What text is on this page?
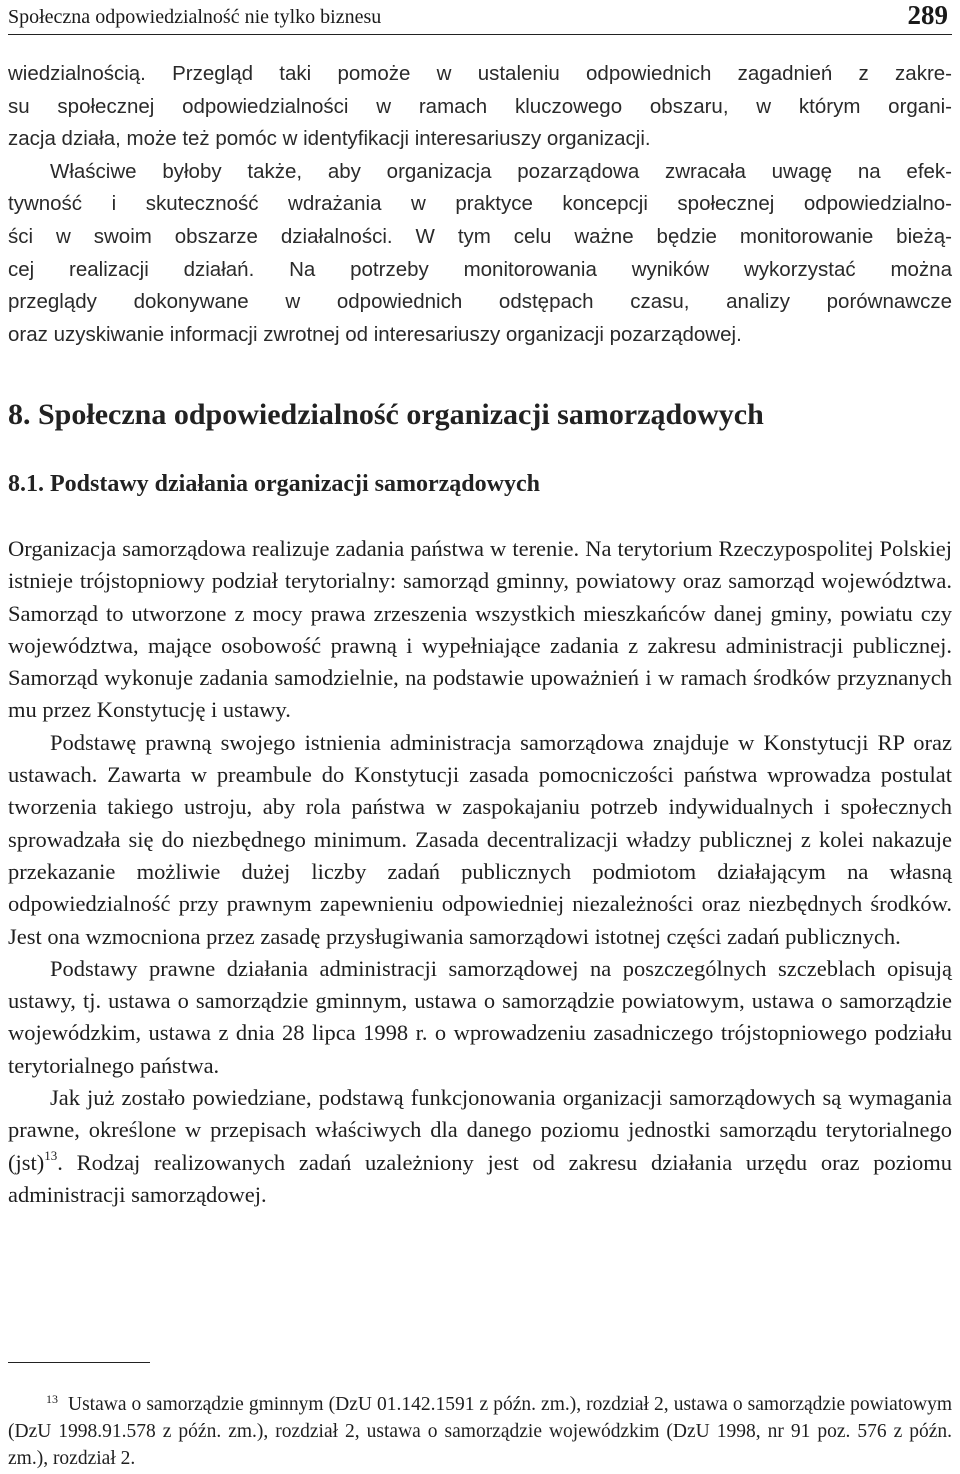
Społeczna odpowiedzialność nie tylko biznesu	289
wiedzialnością. Przegląd taki pomoże w ustaleniu odpowiednich zagadnień z zakre-
su społecznej odpowiedzialności w ramach kluczowego obszaru, w którym organi-
zacja działa, może też pomóc w identyfikacji interesariuszy organizacji.
Właściwe byłoby także, aby organizacja pozarządowa zwracała uwagę na efek-
tywność i skuteczność wdrażania w praktyce koncepcji społecznej odpowiedzialno-
ści w swoim obszarze działalności. W tym celu ważne będzie monitorowanie bieżą-
cej realizacji działań. Na potrzeby monitorowania wyników wykorzystać można
przeglądy dokonywane w odpowiednich odstępach czasu, analizy porównawcze
oraz uzyskiwanie informacji zwrotnej od interesariuszy organizacji pozarządowej.
8. Społeczna odpowiedzialność organizacji samorządowych
8.1. Podstawy działania organizacji samorządowych

Organizacja samorządowa realizuje zadania państwa w terenie. Na terytorium Rzeczypospolitej Polskiej istnieje trójstopniowy podział terytorialny: samorząd gminny, powiatowy oraz samorząd województwa. Samorząd to utworzone z mocy prawa zrzeszenia wszystkich mieszkańców danej gminy, powiatu czy województwa, mające osobowość prawną i wypełniające zadania z zakresu administracji publicznej. Samorząd wykonuje zadania samodzielnie, na podstawie upoważnień i w ramach środków przyznanych mu przez Konstytucję i ustawy.

Podstawę prawną swojego istnienia administracja samorządowa znajduje w Konstytucji RP oraz ustawach. Zawarta w preambule do Konstytucji zasada pomocniczości państwa wprowadza postulat tworzenia takiego ustroju, aby rola państwa w zaspokajaniu potrzeb indywidualnych i społecznych sprowadzała się do niezbędnego minimum. Zasada decentralizacji władzy publicznej z kolei nakazuje przekazanie możliwie dużej liczby zadań publicznych podmiotom działającym na własną odpowiedzialność przy prawnym zapewnieniu odpowiedniej niezależności oraz niezbędnych środków. Jest ona wzmocniona przez zasadę przysługiwania samorządowi istotnej części zadań publicznych.

Podstawy prawne działania administracji samorządowej na poszczególnych szczeblach opisują ustawy, tj. ustawa o samorządzie gminnym, ustawa o samorządzie powiatowym, ustawa o samorządzie wojewódzkim, ustawa z dnia 28 lipca 1998 r. o wprowadzeniu zasadniczego trójstopniowego podziału terytorialnego państwa.

Jak już zostało powiedziane, podstawą funkcjonowania organizacji samorządowych są wymagania prawne, określone w przepisach właściwych dla danego poziomu jednostki samorządu terytorialnego (jst)$^{13}$. Rodzaj realizowanych zadań uzależniony jest od zakresu działania urzędu oraz poziomu administracji samorządowej.

$^{13}$ Ustawa o samorządzie gminnym (DzU 01.142.1591 z późn. zm.), rozdział 2, ustawa o samorządzie powiatowym (DzU 1998.91.578 z późn. zm.), rozdział 2, ustawa o samorządzie wojewódzkim (DzU 1998, nr 91 poz. 576 z późn. zm.), rozdział 2.
